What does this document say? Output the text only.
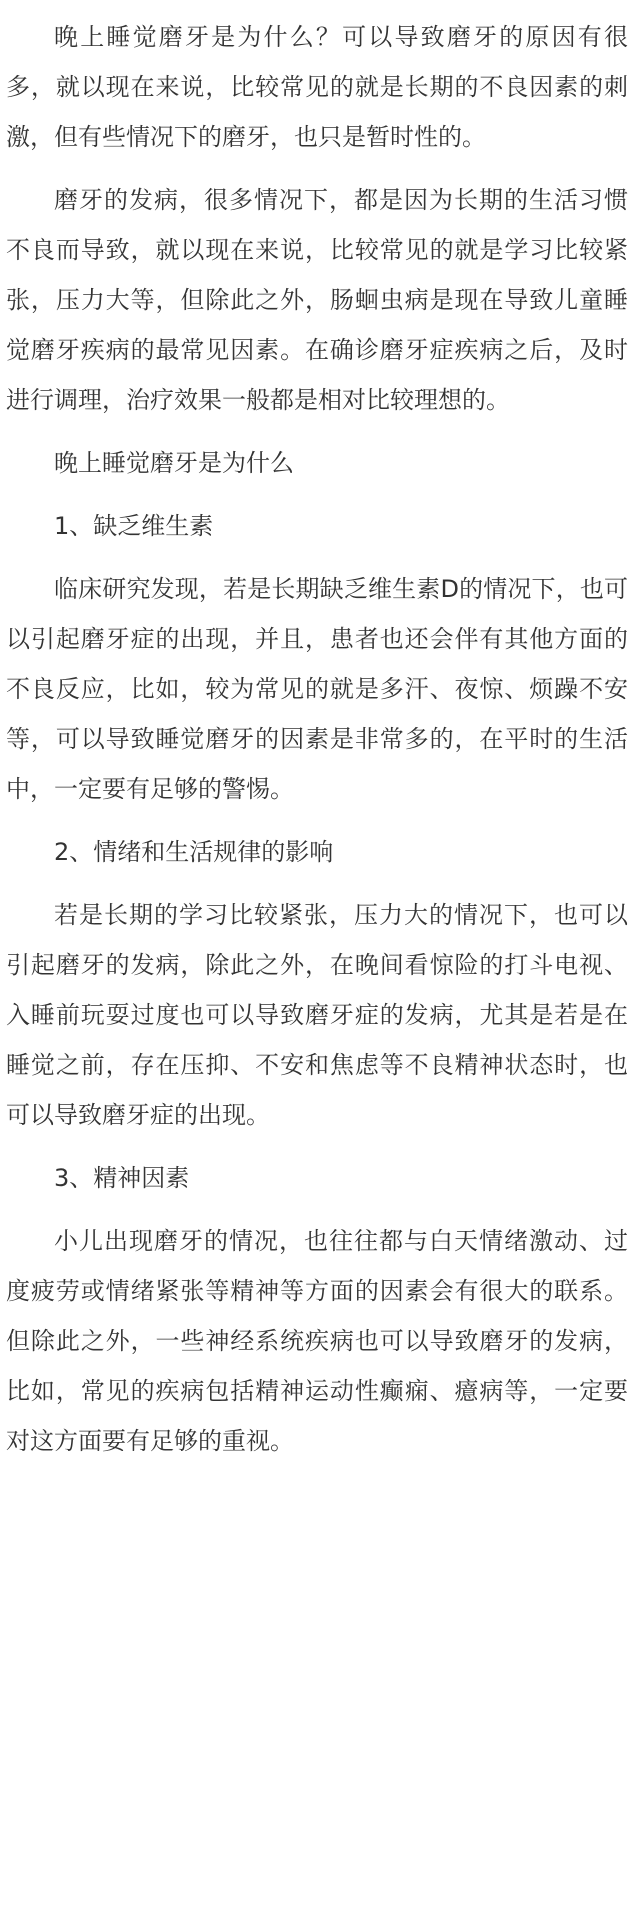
晚上睡觉磨牙是为什么？可以导致磨牙的原因有很多，就以现在来说，比较常见的就是长期的不良因素的刺激，但有些情况下的磨牙，也只是暂时性的。

磨牙的发病，很多情况下，都是因为长期的生活习惯不良而导致，就以现在来说，比较常见的就是学习比较紧张，压力大等，但除此之外，肠蛔虫病是现在导致儿童睡觉磨牙疾病的最常见因素。在确诊磨牙症疾病之后，及时进行调理，治疗效果一般都是相对比较理想的。

晚上睡觉磨牙是为什么

1、缺乏维生素

临床研究发现，若是长期缺乏维生素D的情况下，也可以引起磨牙症的出现，并且，患者也还会伴有其他方面的不良反应，比如，较为常见的就是多汗、夜惊、烦躁不安等，可以导致睡觉磨牙的因素是非常多的，在平时的生活中，一定要有足够的警惕。

2、情绪和生活规律的影响

若是长期的学习比较紧张，压力大的情况下，也可以引起磨牙的发病，除此之外，在晚间看惊险的打斗电视、入睡前玩耍过度也可以导致磨牙症的发病，尤其是若是在睡觉之前，存在压抑、不安和焦虑等不良精神状态时，也可以导致磨牙症的出现。

3、精神因素

小儿出现磨牙的情况，也往往都与白天情绪激动、过度疲劳或情绪紧张等精神等方面的因素会有很大的联系。但除此之外，一些神经系统疾病也可以导致磨牙的发病，比如，常见的疾病包括精神运动性癫痫、癔病等，一定要对这方面要有足够的重视。
